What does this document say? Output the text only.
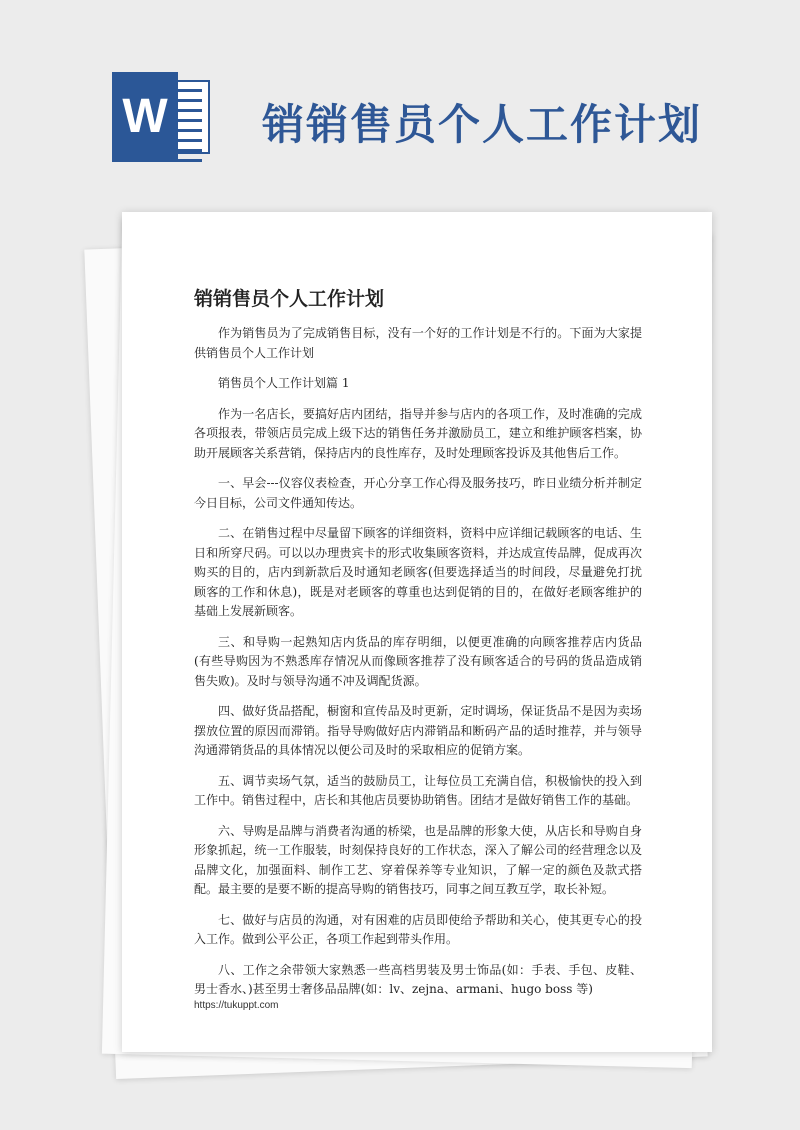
W 销销售员个人工作计划
销销售员个人工作计划

作为销售员为了完成销售目标，没有一个好的工作计划是不行的。下面为大家提供销售员个人工作计划

销售员个人工作计划篇 1

作为一名店长，要搞好店内团结，指导并参与店内的各项工作，及时准确的完成各项报表，带领店员完成上级下达的销售任务并激励员工，建立和维护顾客档案，协助开展顾客关系营销，保持店内的良性库存，及时处理顾客投诉及其他售后工作。

一、早会---仪容仪表检查，开心分享工作心得及服务技巧，昨日业绩分析并制定今日目标，公司文件通知传达。

二、在销售过程中尽量留下顾客的详细资料，资料中应详细记载顾客的电话、生日和所穿尺码。可以以办理贵宾卡的形式收集顾客资料，并达成宣传品牌，促成再次购买的目的，店内到新款后及时通知老顾客(但要选择适当的时间段，尽量避免打扰顾客的工作和休息)，既是对老顾客的尊重也达到促销的目的，在做好老顾客维护的基础上发展新顾客。

三、和导购一起熟知店内货品的库存明细，以便更准确的向顾客推荐店内货品(有些导购因为不熟悉库存情况从而像顾客推荐了没有顾客适合的号码的货品造成销售失败)。及时与领导沟通不冲及调配货源。

四、做好货品搭配，橱窗和宣传品及时更新，定时调场，保证货品不是因为卖场摆放位置的原因而滞销。指导导购做好店内滞销品和断码产品的适时推荐，并与领导沟通滞销货品的具体情况以便公司及时的采取相应的促销方案。

五、调节卖场气氛，适当的鼓励员工，让每位员工充满自信，积极愉快的投入到工作中。销售过程中，店长和其他店员要协助销售。团结才是做好销售工作的基础。

六、导购是品牌与消费者沟通的桥梁，也是品牌的形象大使，从店长和导购自身形象抓起，统一工作服装，时刻保持良好的工作状态，深入了解公司的经营理念以及品牌文化，加强面料、制作工艺、穿着保养等专业知识，了解一定的颜色及款式搭配。最主要的是要不断的提高导购的销售技巧，同事之间互教互学，取长补短。

七、做好与店员的沟通，对有困难的店员即使给予帮助和关心，使其更专心的投入工作。做到公平公正，各项工作起到带头作用。

八、工作之余带领大家熟悉一些高档男装及男士饰品(如：手表、手包、皮鞋、男士香水、)甚至男士奢侈品品牌(如：lv、zejna、armani、hugo boss 等)

https://tukuppt.com
